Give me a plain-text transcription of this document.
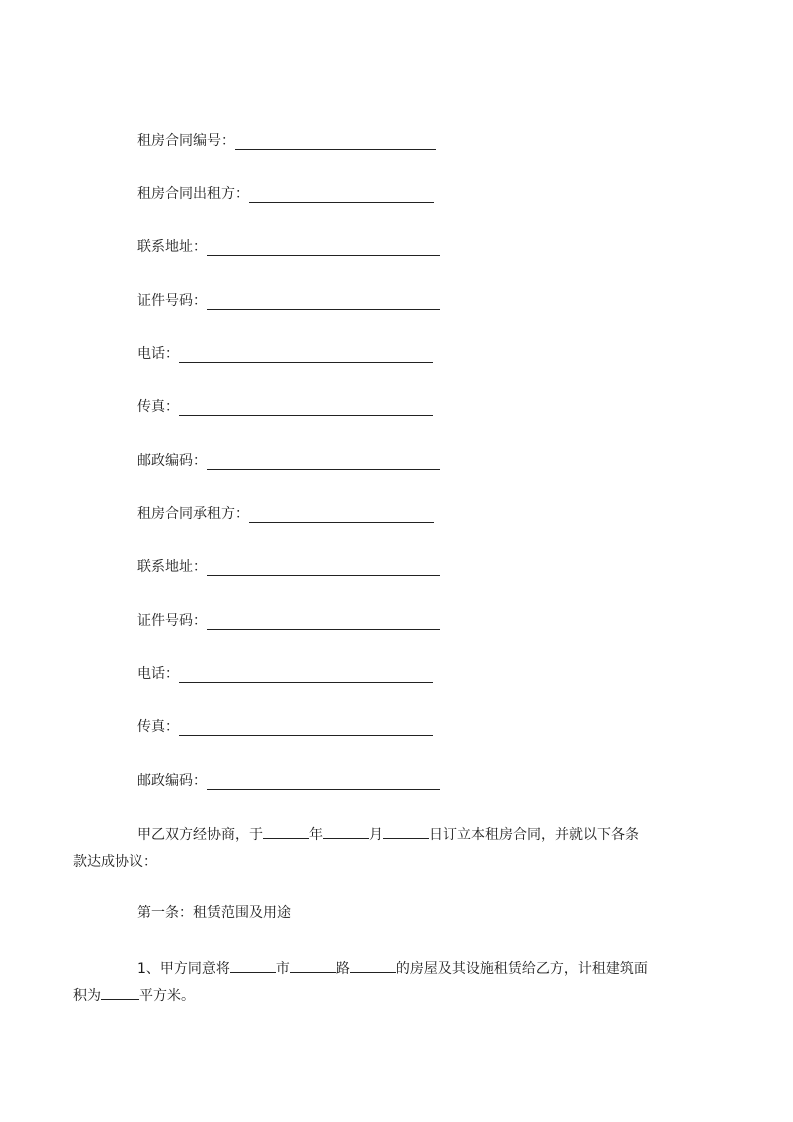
租房合同编号：
租房合同出租方：
联系地址：
证件号码：
电话：
传真：
邮政编码：
租房合同承租方：
联系地址：
证件号码：
电话：
传真：
邮政编码：
甲乙双方经协商，于	年	月	日订立本租房合同，并就以下各条
款达成协议：
第一条：租赁范围及用途
1、甲方同意将	市	路	的房屋及其设施租赁给乙方，计租建筑面
积为	平方米。
